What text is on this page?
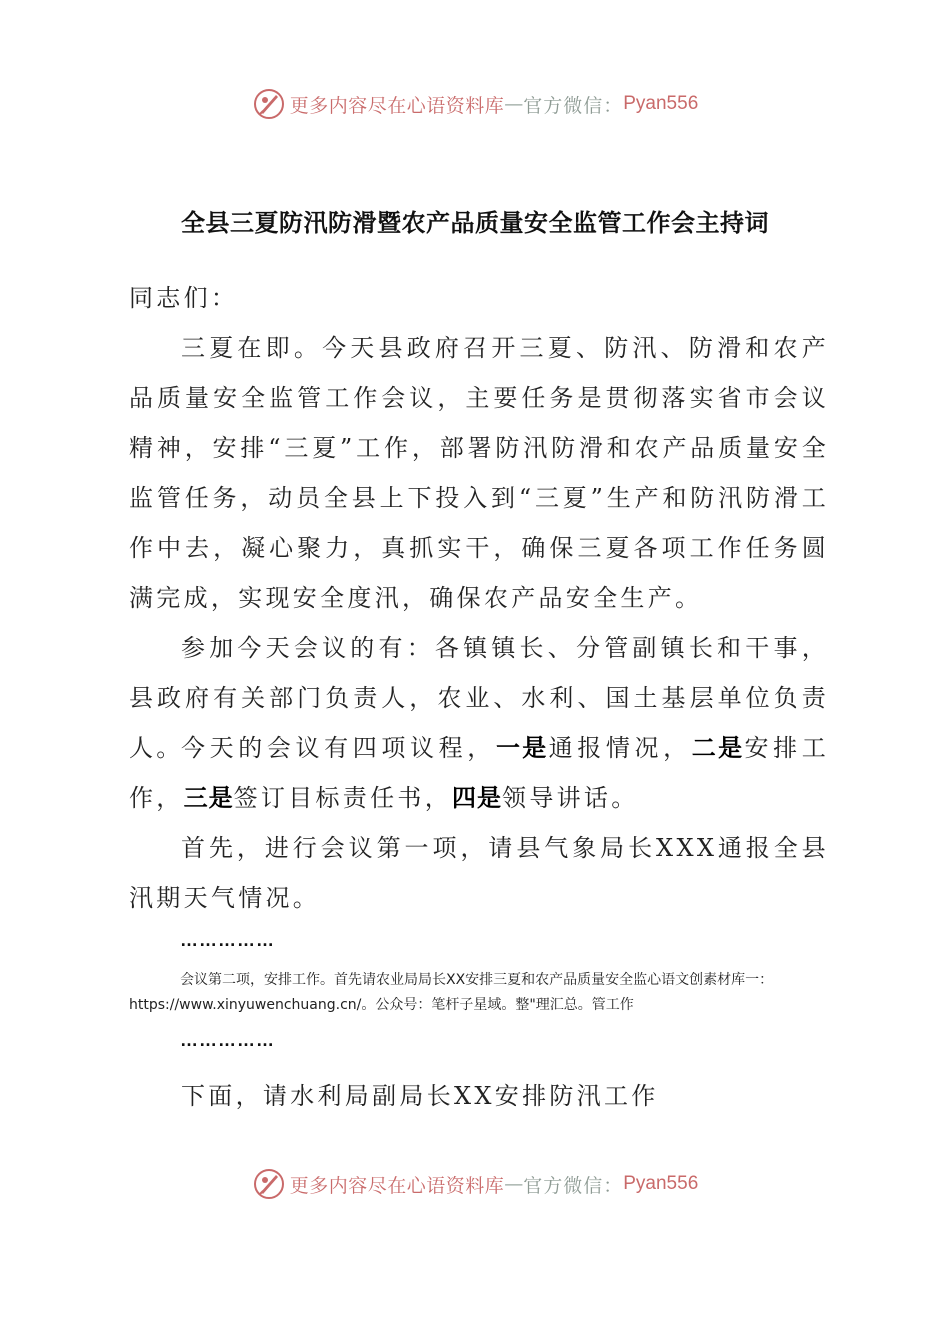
更多内容尽在心语资料库 — 官方微信： Pyan556
全县三夏防汛防滑暨农产品质量安全监管工作会主持词

同志们：

三夏在即。今天县政府召开三夏、防汛、防滑和农产品质量安全监管工作会议，主要任务是贯彻落实省市会议精神，安排“三夏”工作，部署防汛防滑和农产品质量安全监管任务，动员全县上下投入到“三夏”生产和防汛防滑工作中去，凝心聚力，真抓实干，确保三夏各项工作任务圆满完成，实现安全度汛，确保农产品安全生产。

参加今天会议的有：各镇镇长、分管副镇长和干事，县政府有关部门负责人，农业、水利、国土基层单位负责人。

今天的会议有四项议程，一是通报情况，二是安排工作，三是签订目标责任书，四是领导讲话。

首先，进行会议第一项，请县气象局长XXX通报全县汛期天气情况。

……………

会议第二项，安排工作。首先请农业局局长XX安排三夏和农产品质量安全监心语文创素材库一：https://www.xinyuwenchuang.cn/。公众号：笔杆子星域。整"理汇总。管工作

……………

下面，请水利局副局长XX安排防汛工作

更多内容尽在心语资料库 — 官方微信： Pyan556
